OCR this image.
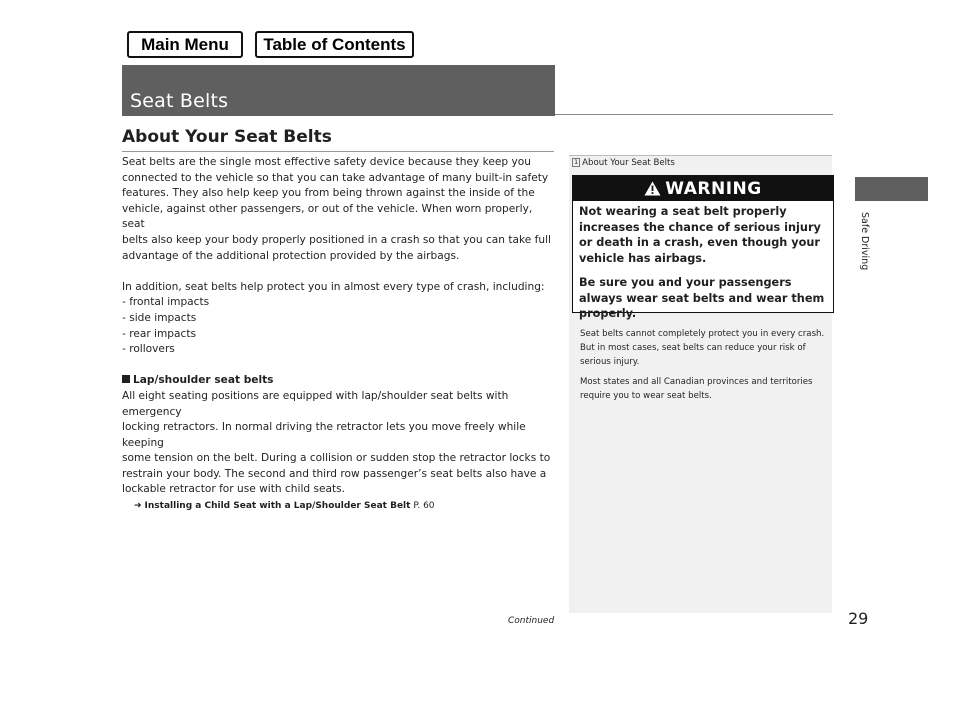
Main Menu	Table of Contents
Seat Belts
Safe Driving
About Your Seat Belts

Seat belts are the single most effective safety device because they keep you

connected to the vehicle so that you can take advantage of many built-in safety

features. They also help keep you from being thrown against the inside of the

vehicle, against other passengers, or out of the vehicle. When worn properly, seat

belts also keep your body properly positioned in a crash so that you can take full

advantage of the additional protection provided by the airbags.

In addition, seat belts help protect you in almost every type of crash, including:

- frontal impacts

- side impacts

- rear impacts

- rollovers

Lap/shoulder seat belts

All eight seating positions are equipped with lap/shoulder seat belts with emergency

locking retractors. In normal driving the retractor lets you move freely while keeping

some tension on the belt. During a collision or sudden stop the retractor locks to

restrain your body. The second and third row passenger’s seat belts also have a

lockable retractor for use with child seats.

➜ Installing a Child Seat with a Lap/Shoulder Seat Belt P. 60
1 About Your Seat Belts
WARNING

Not wearing a seat belt properly increases the chance of serious injury or death in a crash, even though your vehicle has airbags.

Be sure you and your passengers always wear seat belts and wear them properly.

Seat belts cannot completely protect you in every crash. But in most cases, seat belts can reduce your risk of serious injury.

Most states and all Canadian provinces and territories require you to wear seat belts.

Continued	29
